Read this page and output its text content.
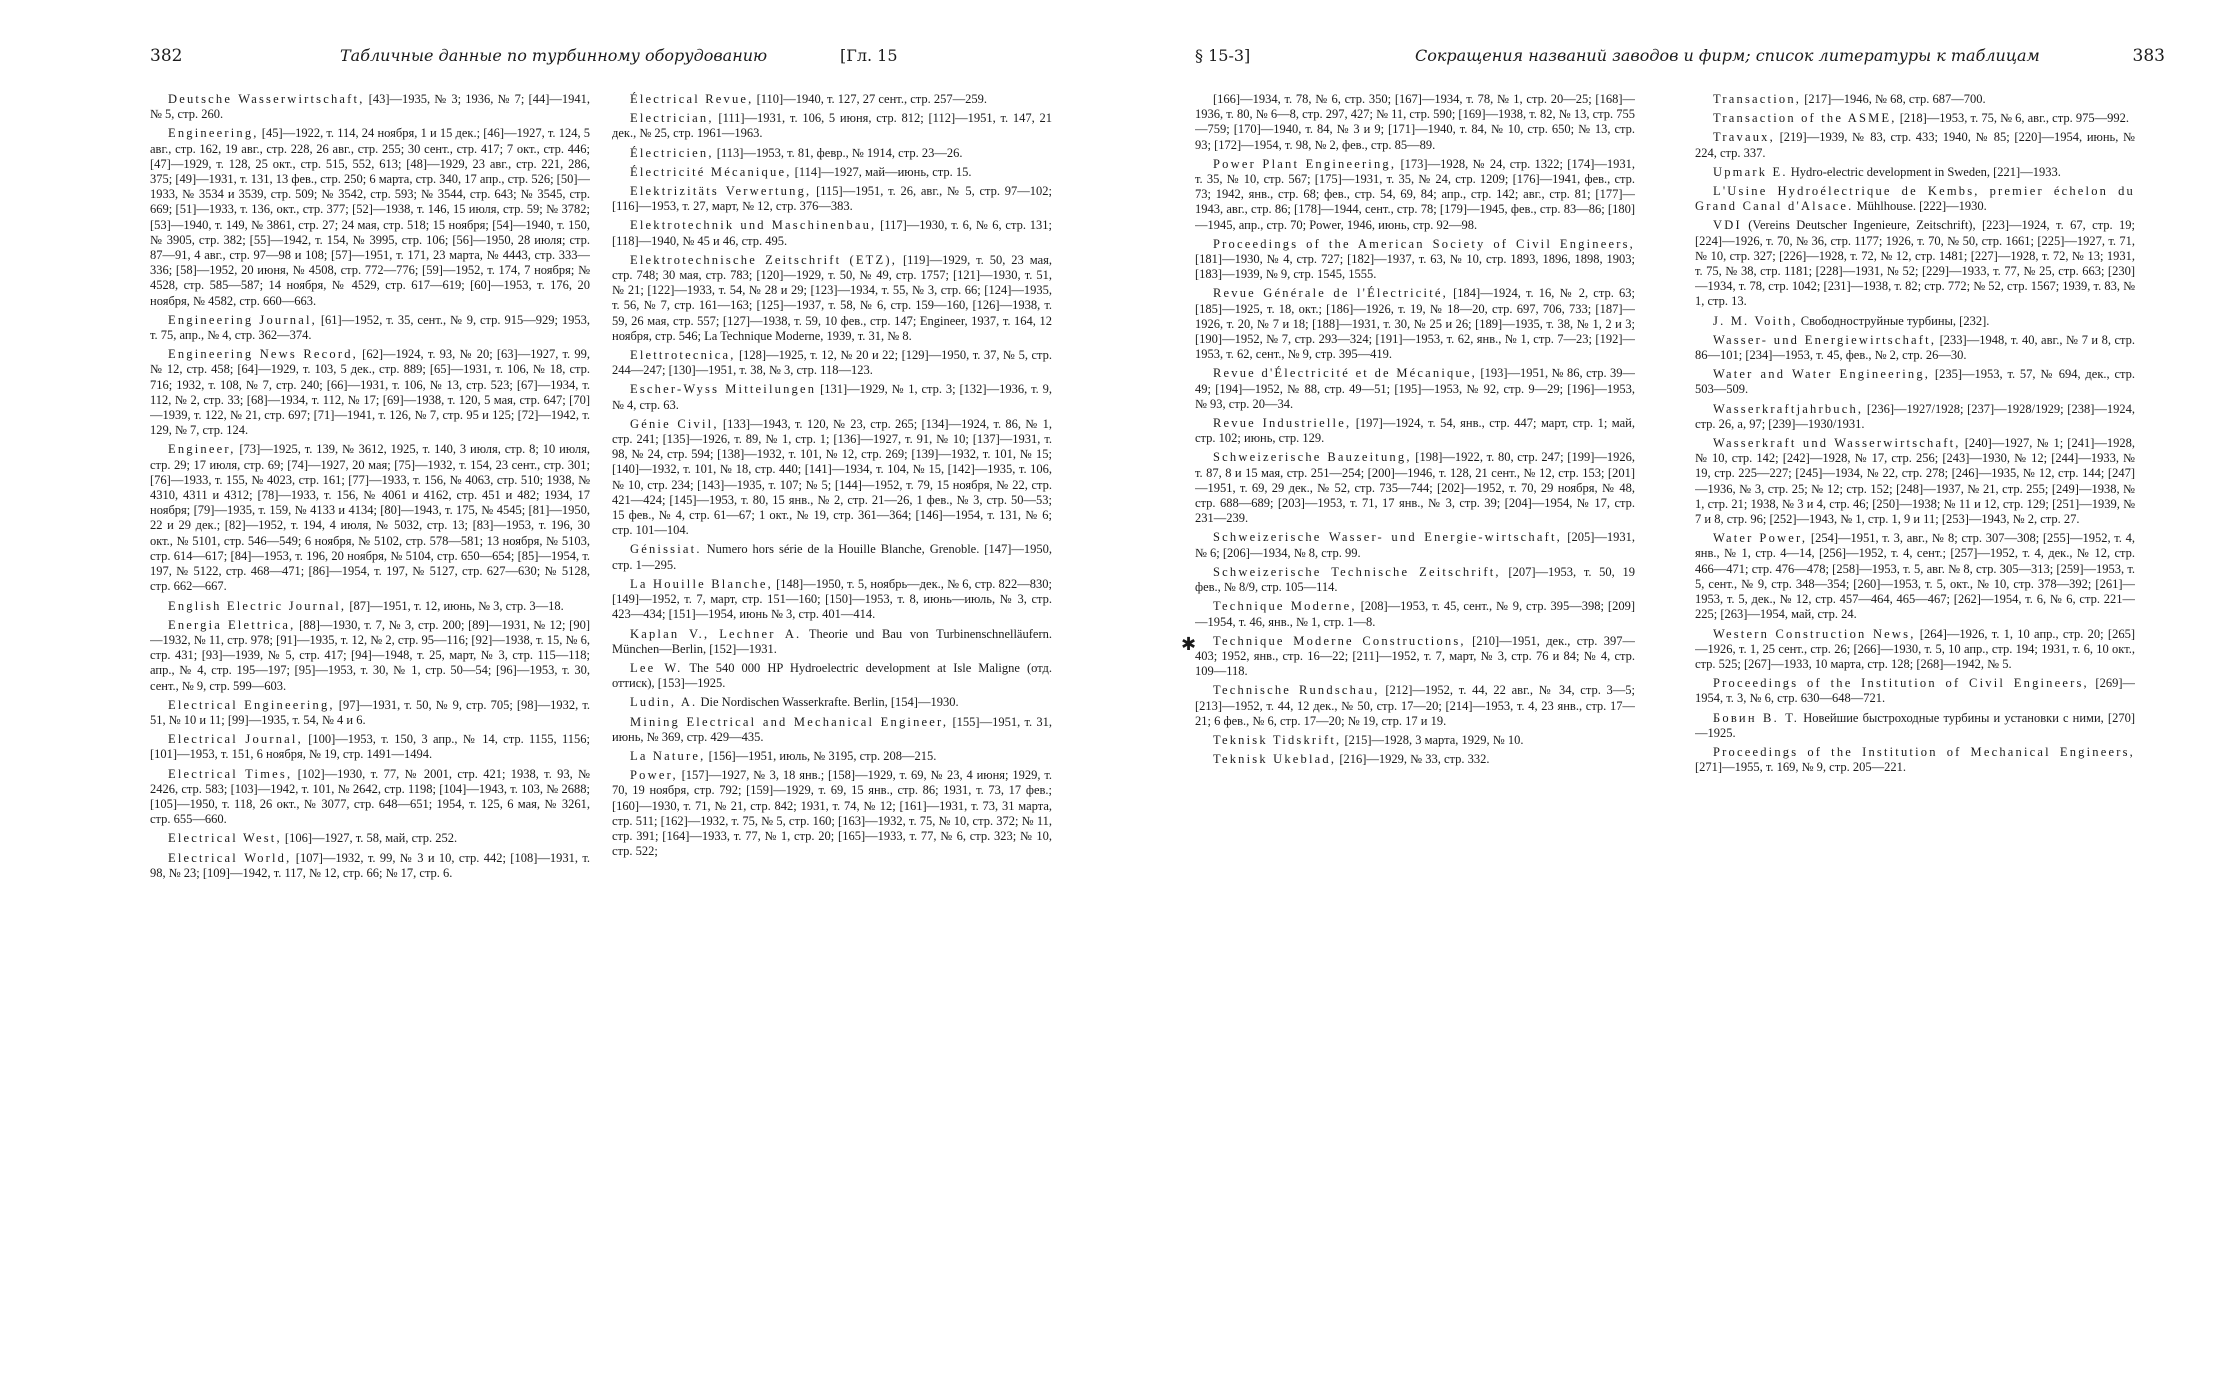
382	Табличные данные по турбинному оборудованию	[Гл. 15
Deutsche Wasserwirtschaft, [43]—1935, № 3; 1936, № 7; [44]—1941, № 5, стр. 260.
Engineering, [45]—1922, т. 114, 24 ноября, 1 и 15 дек.; [46]—1927, т. 124, 5 авг., стр. 162, 19 авг., стр. 228, 26 авг., стр. 255; 30 сент., стр. 417; 7 окт., стр. 446; [47]—1929, т. 128, 25 окт., стр. 515, 552, 613; [48]—1929, 23 авг., стр. 221, 286, 375; [49]—1931, т. 131, 13 фев., стр. 250; 6 марта, стр. 340, 17 апр., стр. 526; [50]—1933, № 3534 и 3539, стр. 509; № 3542, стр. 593; № 3544, стр. 643; № 3545, стр. 669; [51]—1933, т. 136, окт., стр. 377; [52]—1938, т. 146, 15 июля, стр. 59; № 3782; [53]—1940, т. 149, № 3861, стр. 27; 24 мая, стр. 518; 15 ноября; [54]—1940, т. 150, № 3905, стр. 382; [55]—1942, т. 154, № 3995, стр. 106; [56]—1950, 28 июля; стр. 87—91, 4 авг., стр. 97—98 и 108; [57]—1951, т. 171, 23 марта, № 4443, стр. 333—336; [58]—1952, 20 июня, № 4508, стр. 772—776; [59]—1952, т. 174, 7 ноября; № 4528, стр. 585—587; 14 ноября, № 4529, стр. 617—619; [60]—1953, т. 176, 20 ноября, № 4582, стр. 660—663.
Engineering Journal, [61]—1952, т. 35, сент., № 9, стр. 915—929; 1953, т. 75, апр., № 4, стр. 362—374.
Engineering News Record, [62]—1924, т. 93, № 20; [63]—1927, т. 99, № 12, стр. 458; [64]—1929, т. 103, 5 дек., стр. 889; [65]—1931, т. 106, № 18, стр. 716; 1932, т. 108, № 7, стр. 240; [66]—1931, т. 106, № 13, стр. 523; [67]—1934, т. 112, № 2, стр. 33; [68]—1934, т. 112, № 17; [69]—1938, т. 120, 5 мая, стр. 647; [70]—1939, т. 122, № 21, стр. 697; [71]—1941, т. 126, № 7, стр. 95 и 125; [72]—1942, т. 129, № 7, стр. 124.
Engineer, [73]—1925, т. 139, № 3612, 1925, т. 140, 3 июля, стр. 8; 10 июля, стр. 29; 17 июля, стр. 69; [74]—1927, 20 мая; [75]—1932, т. 154, 23 сент., стр. 301; [76]—1933, т. 155, № 4023, стр. 161; [77]—1933, т. 156, № 4063, стр. 510; 1938, № 4310, 4311 и 4312; [78]—1933, т. 156, № 4061 и 4162, стр. 451 и 482; 1934, 17 ноября; [79]—1935, т. 159, № 4133 и 4134; [80]—1943, т. 175, № 4545; [81]—1950, 22 и 29 дек.; [82]—1952, т. 194, 4 июля, № 5032, стр. 13; [83]—1953, т. 196, 30 окт., № 5101, стр. 546—549; 6 ноября, № 5102, стр. 578—581; 13 ноября, № 5103, стр. 614—617; [84]—1953, т. 196, 20 ноября, № 5104, стр. 650—654; [85]—1954, т. 197, № 5122, стр. 468—471; [86]—1954, т. 197, № 5127, стр. 627—630; № 5128, стр. 662—667.
English Electric Journal, [87]—1951, т. 12, июнь, № 3, стр. 3—18.
Energia Elettrica, [88]—1930, т. 7, № 3, стр. 200; [89]—1931, № 12; [90]—1932, № 11, стр. 978; [91]—1935, т. 12, № 2, стр. 95—116; [92]—1938, т. 15, № 6, стр. 431; [93]—1939, № 5, стр. 417; [94]—1948, т. 25, март, № 3, стр. 115—118; апр., № 4, стр. 195—197; [95]—1953, т. 30, № 1, стр. 50—54; [96]—1953, т. 30, сент., № 9, стр. 599—603.
Electrical Engineering, [97]—1931, т. 50, № 9, стр. 705; [98]—1932, т. 51, № 10 и 11; [99]—1935, т. 54, № 4 и 6.
Electrical Journal, [100]—1953, т. 150, 3 апр., № 14, стр. 1155, 1156; [101]—1953, т. 151, 6 ноября, № 19, стр. 1491—1494.
Electrical Times, [102]—1930, т. 77, № 2001, стр. 421; 1938, т. 93, № 2426, стр. 583; [103]—1942, т. 101, № 2642, стр. 1198; [104]—1943, т. 103, № 2688; [105]—1950, т. 118, 26 окт., № 3077, стр. 648—651; 1954, т. 125, 6 мая, № 3261, стр. 655—660.
Electrical West, [106]—1927, т. 58, май, стр. 252.
Electrical World, [107]—1932, т. 99, № 3 и 10, стр. 442; [108]—1931, т. 98, № 23; [109]—1942, т. 117, № 12, стр. 66; № 17, стр. 6.
Électrical Revue, [110]—1940, т. 127, 27 сент., стр. 257—259.
Electrician, [111]—1931, т. 106, 5 июня, стр. 812; [112]—1951, т. 147, 21 дек., № 25, стр. 1961—1963.
Électricien, [113]—1953, т. 81, февр., № 1914, стр. 23—26.
Électricité Mécanique, [114]—1927, май—июнь, стр. 15.
Elektrizitäts Verwertung, [115]—1951, т. 26, авг., № 5, стр. 97—102; [116]—1953, т. 27, март, № 12, стр. 376—383.
Elektrotechnik und Maschinenbau, [117]—1930, т. 6, № 6, стр. 131; [118]—1940, № 45 и 46, стр. 495.
Elektrotechnische Zeitschrift (ETZ), [119]—1929, т. 50, 23 мая, стр. 748; 30 мая, стр. 783; [120]—1929, т. 50, № 49, стр. 1757; [121]—1930, т. 51, № 21; [122]—1933, т. 54, № 28 и 29; [123]—1934, т. 55, № 3, стр. 66; [124]—1935, т. 56, № 7, стр. 161—163; [125]—1937, т. 58, № 6, стр. 159—160, [126]—1938, т. 59, 26 мая, стр. 557; [127]—1938, т. 59, 10 фев., стр. 147; Engineer, 1937, т. 164, 12 ноября, стр. 546; La Technique Moderne, 1939, т. 31, № 8.
Elettrotecnica, [128]—1925, т. 12, № 20 и 22; [129]—1950, т. 37, № 5, стр. 244—247; [130]—1951, т. 38, № 3, стр. 118—123.
Escher-Wyss Mitteilungen [131]—1929, № 1, стр. 3; [132]—1936, т. 9, № 4, стр. 63.
Génie Civil, [133]—1943, т. 120, № 23, стр. 265; [134]—1924, т. 86, № 1, стр. 241; [135]—1926, т. 89, № 1, стр. 1; [136]—1927, т. 91, № 10; [137]—1931, т. 98, № 24, стр. 594; [138]—1932, т. 101, № 12, стр. 269; [139]—1932, т. 101, № 15; [140]—1932, т. 101, № 18, стр. 440; [141]—1934, т. 104, № 15, [142]—1935, т. 106, № 10, стр. 234; [143]—1935, т. 107; № 5; [144]—1952, т. 79, 15 ноября, № 22, стр. 421—424; [145]—1953, т. 80, 15 янв., № 2, стр. 21—26, 1 фев., № 3, стр. 50—53; 15 фев., № 4, стр. 61—67; 1 окт., № 19, стр. 361—364; [146]—1954, т. 131, № 6; стр. 101—104.
Génissiat. Numero hors série de la Houille Blanche, Grenoble. [147]—1950, стр. 1—295.
La Houille Blanche, [148]—1950, т. 5, ноябрь—дек., № 6, стр. 822—830; [149]—1952, т. 7, март, стр. 151—160; [150]—1953, т. 8, июнь—июль, № 3, стр. 423—434; [151]—1954, июнь № 3, стр. 401—414.
Kaplan V., Lechner A. Theorie und Bau von Turbinenschnelläufern. München—Berlin, [152]—1931.
Lee W. The 540 000 HP Hydroelectric development at Isle Maligne (отд. оттиск), [153]—1925.
Ludin, A. Die Nordischen Wasserkrafte. Berlin, [154]—1930.
Mining Electrical and Mechanical Engineer, [155]—1951, т. 31, июнь, № 369, стр. 429—435.
La Nature, [156]—1951, июль, № 3195, стр. 208—215.
Power, [157]—1927, № 3, 18 янв.; [158]—1929, т. 69, № 23, 4 июня; 1929, т. 70, 19 ноября, стр. 792; [159]—1929, т. 69, 15 янв., стр. 86; 1931, т. 73, 17 фев.; [160]—1930, т. 71, № 21, стр. 842; 1931, т. 74, № 12; [161]—1931, т. 73, 31 марта, стр. 511; [162]—1932, т. 75, № 5, стр. 160; [163]—1932, т. 75, № 10, стр. 372; № 11, стр. 391; [164]—1933, т. 77, № 1, стр. 20; [165]—1933, т. 77, № 6, стр. 323; № 10, стр. 522;
§ 15-3]	Сокращения названий заводов и фирм; список литературы к таблицам	383
[166]—1934, т. 78, № 6, стр. 350; [167]—1934, т. 78, № 1, стр. 20—25; [168]—1936, т. 80, № 6—8, стр. 297, 427; № 11, стр. 590; [169]—1938, т. 82, № 13, стр. 755—759; [170]—1940, т. 84, № 3 и 9; [171]—1940, т. 84, № 10, стр. 650; № 13, стр. 93; [172]—1954, т. 98, № 2, фев., стр. 85—89.
Power Plant Engineering, [173]—1928, № 24, стр. 1322; [174]—1931, т. 35, № 10, стр. 567; [175]—1931, т. 35, № 24, стр. 1209; [176]—1941, фев., стр. 73; 1942, янв., стр. 68; фев., стр. 54, 69, 84; апр., стр. 142; авг., стр. 81; [177]—1943, авг., стр. 86; [178]—1944, сент., стр. 78; [179]—1945, фев., стр. 83—86; [180]—1945, апр., стр. 70; Power, 1946, июнь, стр. 92—98.
Proceedings of the American Society of Civil Engineers, [181]—1930, № 4, стр. 727; [182]—1937, т. 63, № 10, стр. 1893, 1896, 1898, 1903; [183]—1939, № 9, стр. 1545, 1555.
Revue Générale de l'Électricité, [184]—1924, т. 16, № 2, стр. 63; [185]—1925, т. 18, окт.; [186]—1926, т. 19, № 18—20, стр. 697, 706, 733; [187]—1926, т. 20, № 7 и 18; [188]—1931, т. 30, № 25 и 26; [189]—1935, т. 38, № 1, 2 и 3; [190]—1952, № 7, стр. 293—324; [191]—1953, т. 62, янв., № 1, стр. 7—23; [192]—1953, т. 62, сент., № 9, стр. 395—419.
Revue d'Électricité et de Mécanique, [193]—1951, № 86, стр. 39—49; [194]—1952, № 88, стр. 49—51; [195]—1953, № 92, стр. 9—29; [196]—1953, № 93, стр. 20—34.
Revue Industrielle, [197]—1924, т. 54, янв., стр. 447; март, стр. 1; май, стр. 102; июнь, стр. 129.
Schweizerische Bauzeitung, [198]—1922, т. 80, стр. 247; [199]—1926, т. 87, 8 и 15 мая, стр. 251—254; [200]—1946, т. 128, 21 сент., № 12, стр. 153; [201]—1951, т. 69, 29 дек., № 52, стр. 735—744; [202]—1952, т. 70, 29 ноября, № 48, стр. 688—689; [203]—1953, т. 71, 17 янв., № 3, стр. 39; [204]—1954, № 17, стр. 231—239.
Schweizerische Wasser- und Energie-wirtschaft, [205]—1931, № 6; [206]—1934, № 8, стр. 99.
Schweizerische Technische Zeitschrift, [207]—1953, т. 50, 19 фев., № 8/9, стр. 105—114.
Technique Moderne, [208]—1953, т. 45, сент., № 9, стр. 395—398; [209]—1954, т. 46, янв., № 1, стр. 1—8.
Technique Moderne Constructions, [210]—1951, дек., стр. 397—403; 1952, янв., стр. 16—22; [211]—1952, т. 7, март, № 3, стр. 76 и 84; № 4, стр. 109—118.
Technische Rundschau, [212]—1952, т. 44, 22 авг., № 34, стр. 3—5; [213]—1952, т. 44, 12 дек., № 50, стр. 17—20; [214]—1953, т. 4, 23 янв., стр. 17—21; 6 фев., № 6, стр. 17—20; № 19, стр. 17 и 19.
Teknisk Tidskrift, [215]—1928, 3 марта, 1929, № 10.
Teknisk Ukeblad, [216]—1929, № 33, стр. 332.
Transaction, [217]—1946, № 68, стр. 687—700.
Transaction of the ASME, [218]—1953, т. 75, № 6, авг., стр. 975—992.
Travaux, [219]—1939, № 83, стр. 433; 1940, № 85; [220]—1954, июнь, № 224, стр. 337.
Upmark E. Hydro-electric development in Sweden, [221]—1933.
L'Usine Hydroélectrique de Kembs, premier échelon du Grand Canal d'Alsace. Mühlhouse. [222]—1930.
VDI (Vereins Deutscher Ingenieure, Zeitschrift), [223]—1924, т. 67, стр. 19; [224]—1926, т. 70, № 36, стр. 1177; 1926, т. 70, № 50, стр. 1661; [225]—1927, т. 71, № 10, стр. 327; [226]—1928, т. 72, № 12, стр. 1481; [227]—1928, т. 72, № 13; 1931, т. 75, № 38, стр. 1181; [228]—1931, № 52; [229]—1933, т. 77, № 25, стр. 663; [230]—1934, т. 78, стр. 1042; [231]—1938, т. 82; стр. 772; № 52, стр. 1567; 1939, т. 83, № 1, стр. 13.
J. M. Voith, Свободноструйные турбины, [232].
Wasser- und Energiewirtschaft, [233]—1948, т. 40, авг., № 7 и 8, стр. 86—101; [234]—1953, т. 45, фев., № 2, стр. 26—30.
Water and Water Engineering, [235]—1953, т. 57, № 694, дек., стр. 503—509.
Wasserkraftjahrbuch, [236]—1927/1928; [237]—1928/1929; [238]—1924, стр. 26, а, 97; [239]—1930/1931.
Wasserkraft und Wasserwirtschaft, [240]—1927, № 1; [241]—1928, № 10, стр. 142; [242]—1928, № 17, стр. 256; [243]—1930, № 12; [244]—1933, № 19, стр. 225—227; [245]—1934, № 22, стр. 278; [246]—1935, № 12, стр. 144; [247]—1936, № 3, стр. 25; № 12; стр. 152; [248]—1937, № 21, стр. 255; [249]—1938, № 1, стр. 21; 1938, № 3 и 4, стр. 46; [250]—1938; № 11 и 12, стр. 129; [251]—1939, № 7 и 8, стр. 96; [252]—1943, № 1, стр. 1, 9 и 11; [253]—1943, № 2, стр. 27.
Water Power, [254]—1951, т. 3, авг., № 8; стр. 307—308; [255]—1952, т. 4, янв., № 1, стр. 4—14, [256]—1952, т. 4, сент.; [257]—1952, т. 4, дек., № 12, стр. 466—471; стр. 476—478; [258]—1953, т. 5, авг. № 8, стр. 305—313; [259]—1953, т. 5, сент., № 9, стр. 348—354; [260]—1953, т. 5, окт., № 10, стр. 378—392; [261]—1953, т. 5, дек., № 12, стр. 457—464, 465—467; [262]—1954, т. 6, № 6, стр. 221—225; [263]—1954, май, стр. 24.
Western Construction News, [264]—1926, т. 1, 10 апр., стр. 20; [265]—1926, т. 1, 25 сент., стр. 26; [266]—1930, т. 5, 10 апр., стр. 194; 1931, т. 6, 10 окт., стр. 525; [267]—1933, 10 марта, стр. 128; [268]—1942, № 5.
Proceedings of the Institution of Civil Engineers, [269]—1954, т. 3, № 6, стр. 630—648—721.
Бовин В. Т. Новейшие быстроходные турбины и установки с ними, [270]—1925.
Proceedings of the Institution of Mechanical Engineers, [271]—1955, т. 169, № 9, стр. 205—221.
✱
